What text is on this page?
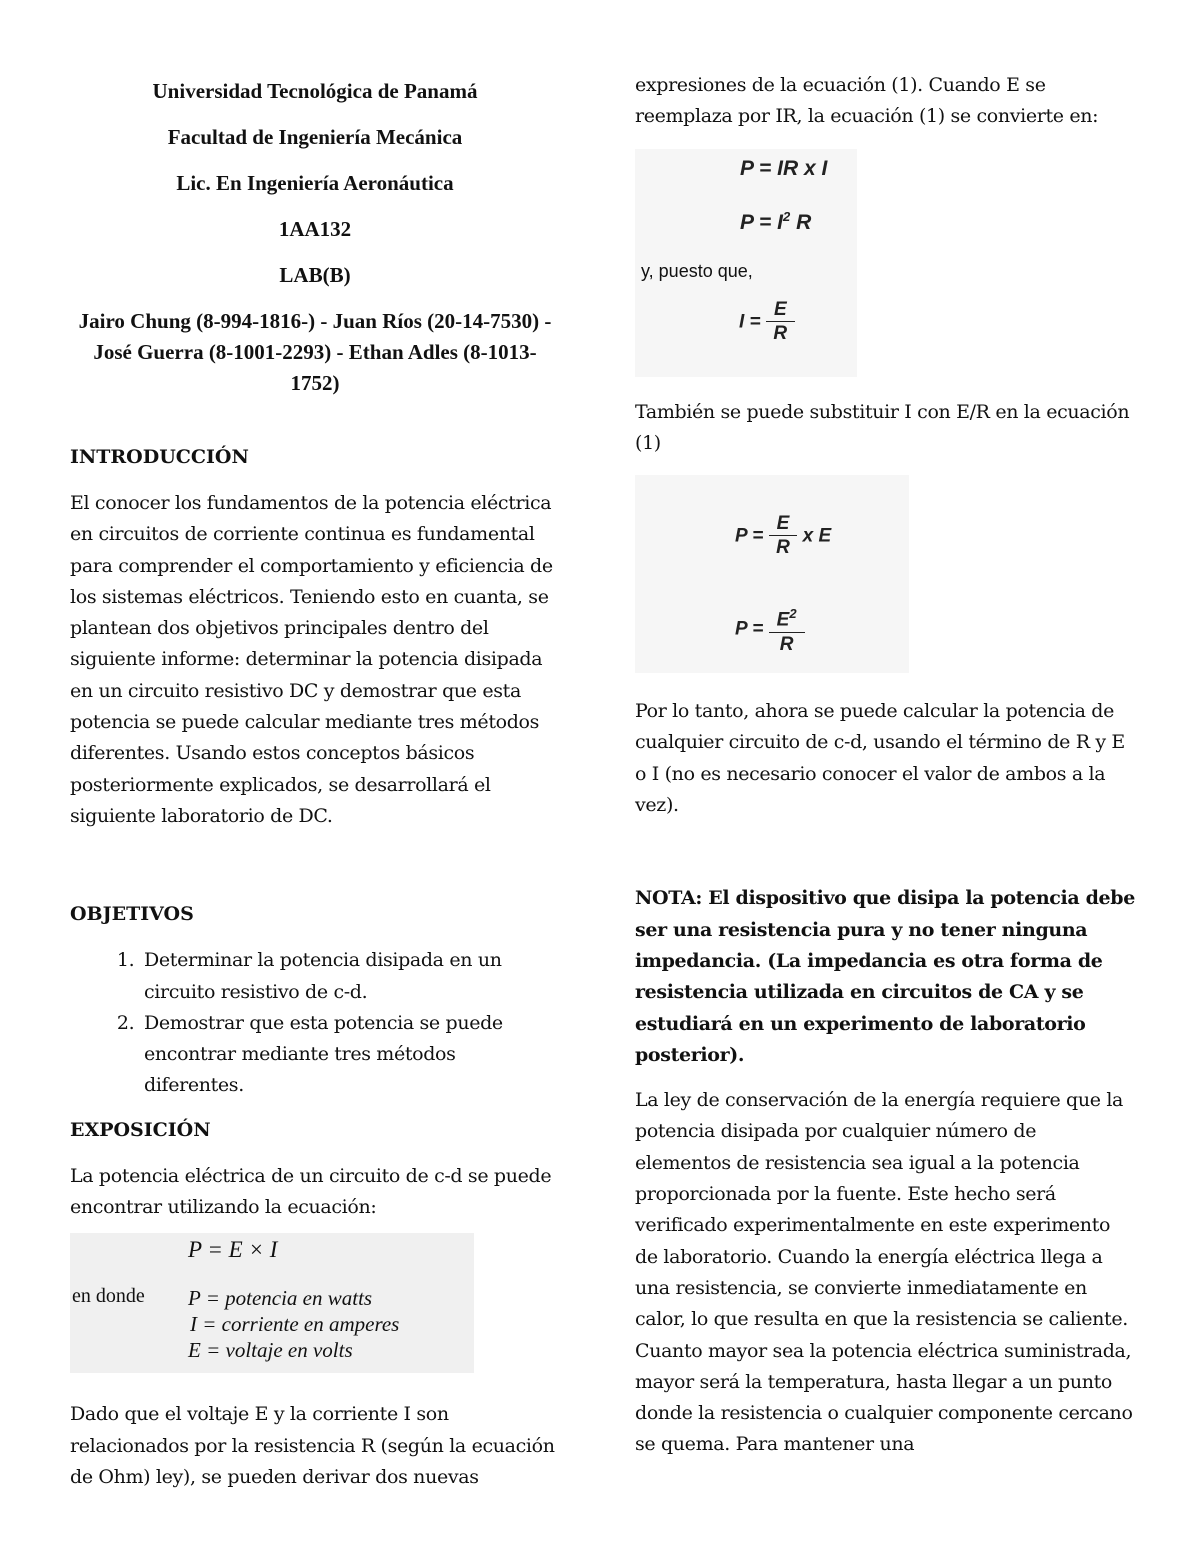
Universidad Tecnológica de Panamá

Facultad de Ingeniería Mecánica

Lic. En Ingeniería Aeronáutica

1AA132

LAB(B)

Jairo Chung (8-994-1816-) - Juan Ríos (20-14-7530) - José Guerra (8-1001-2293) - Ethan Adles (8-1013-1752)

INTRODUCCIÓN

El conocer los fundamentos de la potencia eléctrica en circuitos de corriente continua es fundamental para comprender el comportamiento y eficiencia de los sistemas eléctricos. Teniendo esto en cuanta, se plantean dos objetivos principales dentro del siguiente informe: determinar la potencia disipada en un circuito resistivo DC y demostrar que esta potencia se puede calcular mediante tres métodos diferentes. Usando estos conceptos básicos posteriormente explicados, se desarrollará el siguiente laboratorio de DC.

OBJETIVOS
1. Determinar la potencia disipada en un circuito resistivo de c-d.
2. Demostrar que esta potencia se puede encontrar mediante tres métodos diferentes.
EXPOSICIÓN

La potencia eléctrica de un circuito de c-d se puede encontrar utilizando la ecuación:

P = E × I
en donde P = potencia en watts
I = corriente en amperes
E = voltaje en volts

Dado que el voltaje E y la corriente I son relacionados por la resistencia R (según la ecuación de Ohm) ley), se pueden derivar dos nuevas

expresiones de la ecuación (1). Cuando E se reemplaza por IR, la ecuación (1) se convierte en:

P = IR x I
$P = I^2$ R
y, puesto que,
$I = \frac{E}{R}$

También se puede substituir I con E/R en la ecuación (1)

$P = \frac{E}{R}$ x E
$P = \frac{E^2}{R}$

Por lo tanto, ahora se puede calcular la potencia de cualquier circuito de c-d, usando el término de R y E o I (no es necesario conocer el valor de ambos a la vez).

NOTA: El dispositivo que disipa la potencia debe ser una resistencia pura y no tener ninguna impedancia. (La impedancia es otra forma de resistencia utilizada en circuitos de CA y se estudiará en un experimento de laboratorio posterior).

La ley de conservación de la energía requiere que la potencia disipada por cualquier número de elementos de resistencia sea igual a la potencia proporcionada por la fuente. Este hecho será verificado experimentalmente en este experimento de laboratorio. Cuando la energía eléctrica llega a una resistencia, se convierte inmediatamente en calor, lo que resulta en que la resistencia se caliente. Cuanto mayor sea la potencia eléctrica suministrada, mayor será la temperatura, hasta llegar a un punto donde la resistencia o cualquier componente cercano se quema. Para mantener una
